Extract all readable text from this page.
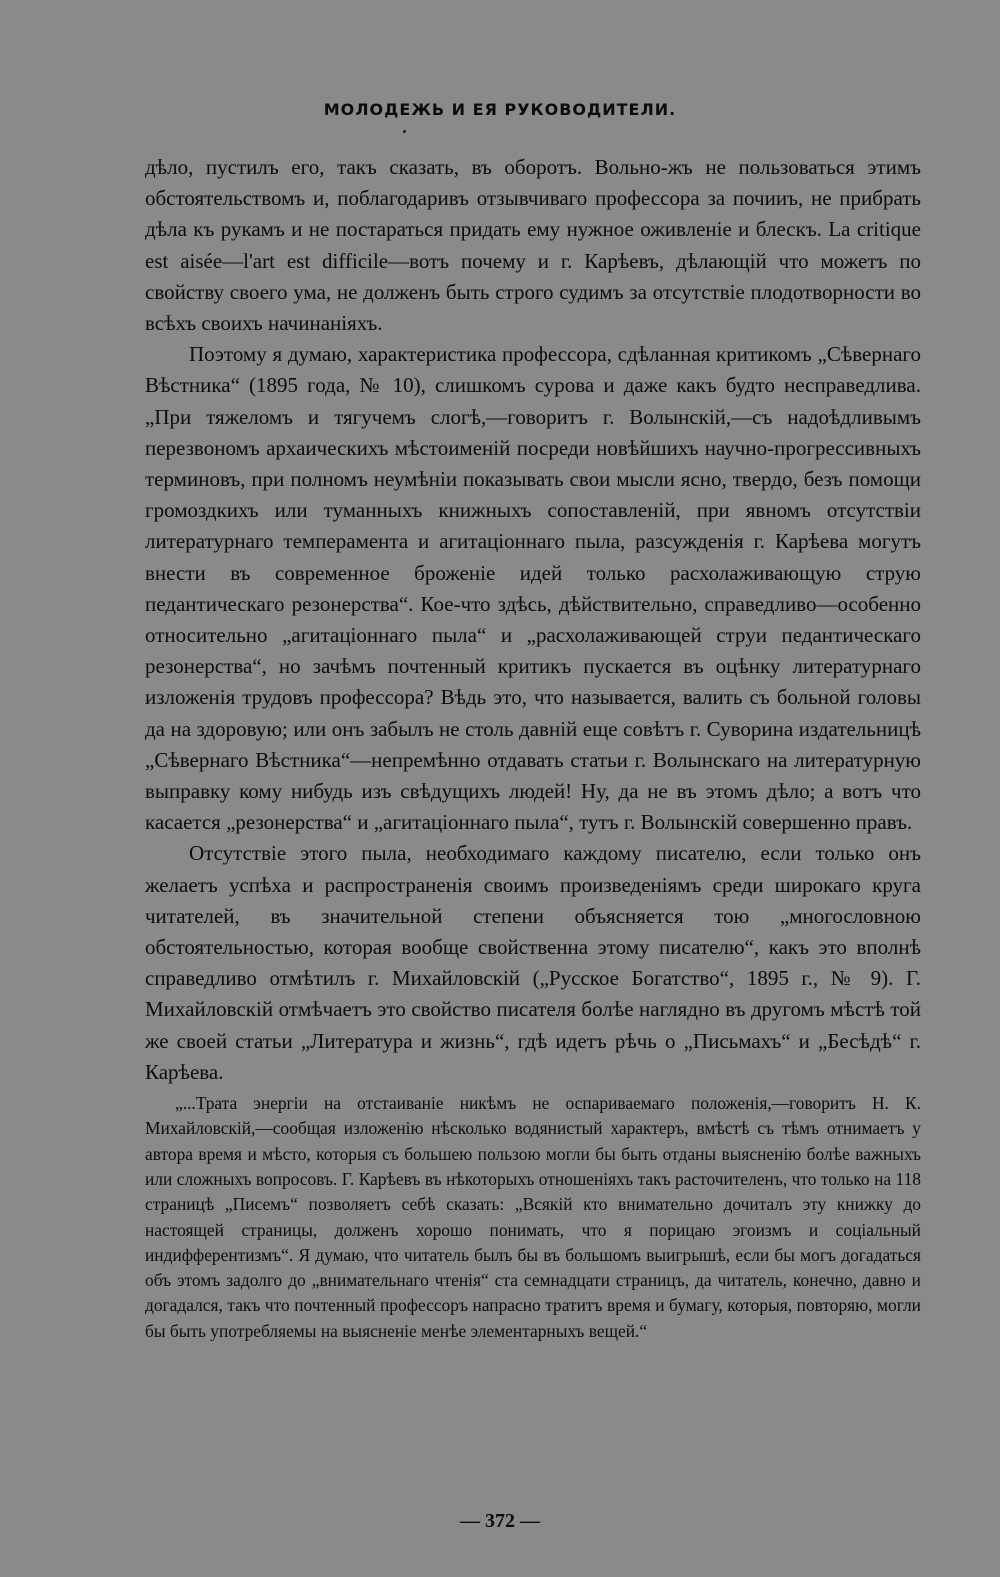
МОЛОДЕЖЬ И ЕЯ РУКОВОДИТЕЛИ.

дѣло, пустилъ его, такъ сказать, въ оборотъ. Вольно-жъ не пользоваться этимъ обстоятельствомъ и, поблагодаривъ отзывчиваго профессора за почииъ, не прибрать дѣла къ рукамъ и не постараться придать ему нужное оживленіе и блескъ. La critique est aisée—l'art est difficile—вотъ почему и г. Карѣевъ, дѣлающій что можетъ по свойству своего ума, не долженъ быть строго судимъ за отсутствіе плодотворности во всѣхъ своихъ начинаніяхъ.

Поэтому я думаю, характеристика профессора, сдѣланная критикомъ „Сѣвернаго Вѣстника“ (1895 года, № 10), слишкомъ сурова и даже какъ будто несправедлива. „При тяжеломъ и тягучемъ слогѣ,—говоритъ г. Волынскій,—съ надоѣдливымъ перезвономъ архаическихъ мѣстоименій посреди новѣйшихъ научно-прогрессивныхъ терминовъ, при полномъ неумѣніи показывать свои мысли ясно, твердо, безъ помощи громоздкихъ или туманныхъ книжныхъ сопоставленій, при явномъ отсутствіи литературнаго темперамента и агитаціоннаго пыла, разсужденія г. Карѣева могутъ внести въ современное броженіе идей только расхолаживающую струю педантическаго резонерства“. Кое-что здѣсь, дѣйствительно, справедливо—особенно относительно „агитаціоннаго пыла“ и „расхолаживающей струи педантическаго резонерства“, но зачѣмъ почтенный критикъ пускается въ оцѣнку литературнаго изложенія трудовъ профессора? Вѣдь это, что называется, валить съ больной головы да на здоровую; или онъ забылъ не столь давній еще совѣтъ г. Суворина издательницѣ „Сѣвернаго Вѣстника“—непремѣнно отдавать статьи г. Волынскаго на литературную выправку кому нибудь изъ свѣдущихъ людей! Ну, да не въ этомъ дѣло; а вотъ что касается „резонерства“ и „агитаціоннаго пыла“, тутъ г. Волынскій совершенно правъ.

Отсутствіе этого пыла, необходимаго каждому писателю, если только онъ желаетъ успѣха и распространенія своимъ произведеніямъ среди широкаго круга читателей, въ значительной степени объясняется тою „многословною обстоятельностью, которая вообще свойственна этому писателю“, какъ это вполнѣ справедливо отмѣтилъ г. Михайловскій („Русское Богатство“, 1895 г., № 9). Г. Михайловскій отмѣчаетъ это свойство писателя болѣе наглядно въ другомъ мѣстѣ той же своей статьи „Литература и жизнь“, гдѣ идетъ рѣчь о „Письмахъ“ и „Бесѣдѣ“ г. Карѣева.

„...Трата энергіи на отстаиваніе никѣмъ не оспариваемаго положенія,—говоритъ Н. К. Михайловскій,—сообщая изложенію нѣсколько водянистый характеръ, вмѣстѣ съ тѣмъ отнимаетъ у автора время и мѣсто, которыя съ большею пользою могли бы быть отданы выясненію болѣе важныхъ или сложныхъ вопросовъ. Г. Карѣевъ въ нѣкоторыхъ отношеніяхъ такъ расточителенъ, что только на 118 страницѣ „Писемъ“ позволяетъ себѣ сказать: „Всякій кто внимательно дочиталъ эту книжку до настоящей страницы, долженъ хорошо понимать, что я порицаю эгоизмъ и соціальный индифферентизмъ“. Я думаю, что читатель былъ бы въ большомъ выигрышѣ, если бы могъ догадаться объ этомъ задолго до „внимательнаго чтенія“ ста семнадцати страницъ, да читатель, конечно, давно и догадался, такъ что почтенный профессоръ напрасно тратитъ время и бумагу, которыя, повторяю, могли бы быть употребляемы на выясненіе менѣе элементарныхъ вещей.“

— 372 —
